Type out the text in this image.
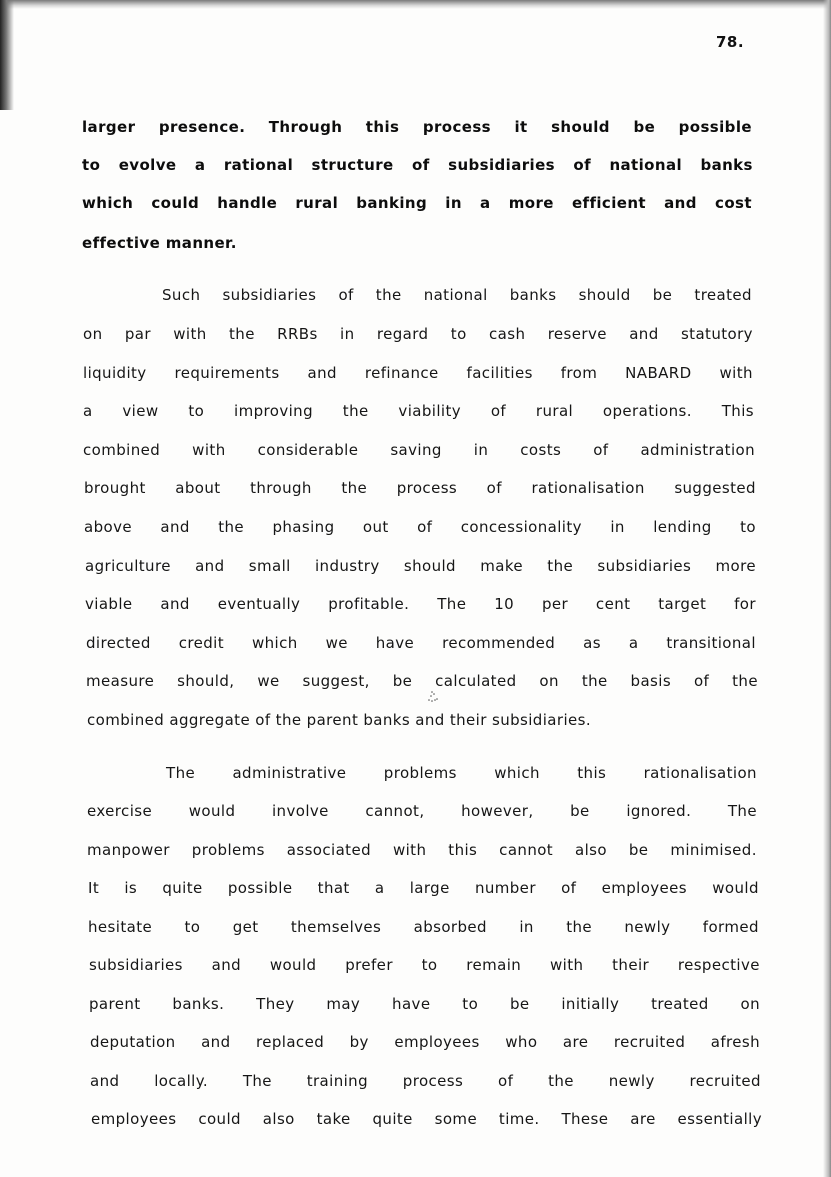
78.

larger presence. Through this process it should be possible

to evolve a rational structure of subsidiaries of national banks

which could handle rural banking in a more efficient and cost

effective manner.

Such subsidiaries of the national banks should be treated

on par with the RRBs in regard to cash reserve and statutory

liquidity requirements and refinance facilities from NABARD with

a view to improving the viability of rural operations. This

combined with considerable saving in costs of administration

brought about through the process of rationalisation suggested

above and the phasing out of concessionality in lending to

agriculture and small industry should make the subsidiaries more

viable and eventually profitable. The 10 per cent target for

directed credit which we have recommended as a transitional

measure should, we suggest, be calculated on the basis of the

combined aggregate of the parent banks and their subsidiaries.

The administrative problems which this rationalisation

exercise would involve cannot, however, be ignored. The

manpower problems associated with this cannot also be minimised.

It is quite possible that a large number of employees would

hesitate to get themselves absorbed in the newly formed

subsidiaries and would prefer to remain with their respective

parent banks. They may have to be initially treated on

deputation and replaced by employees who are recruited afresh

and locally. The training process of the newly recruited

employees could also take quite some time. These are essentially
